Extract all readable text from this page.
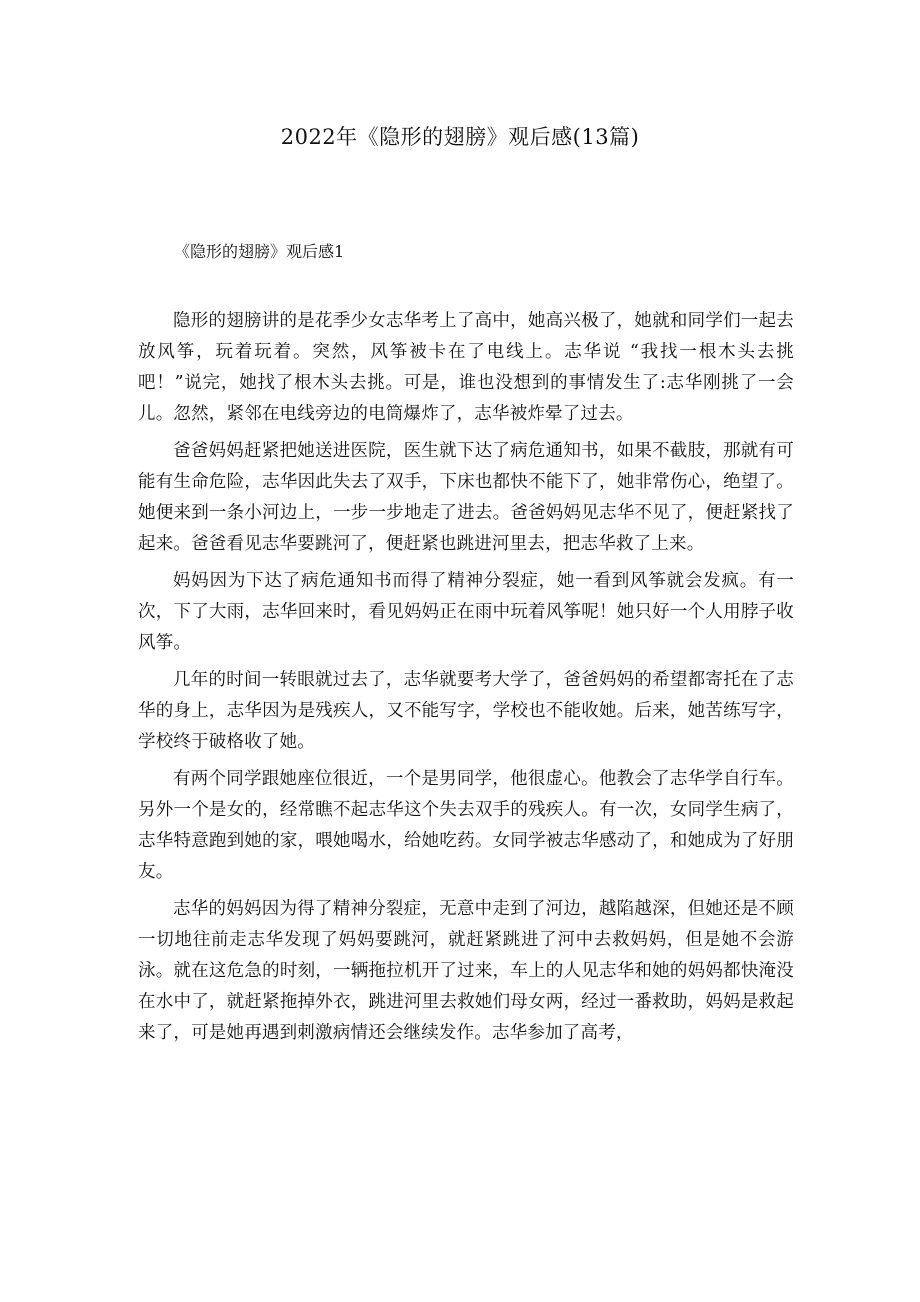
2022年《隐形的翅膀》观后感(13篇)
《隐形的翅膀》观后感1

隐形的翅膀讲的是花季少女志华考上了高中，她高兴极了，她就和同学们一起去放风筝，玩着玩着。突然，风筝被卡在了电线上。志华说 “我找一根木头去挑吧！”说完，她找了根木头去挑。可是，谁也没想到的事情发生了:志华刚挑了一会儿。忽然，紧邻在电线旁边的电筒爆炸了，志华被炸晕了过去。

爸爸妈妈赶紧把她送进医院，医生就下达了病危通知书，如果不截肢，那就有可能有生命危险，志华因此失去了双手，下床也都快不能下了，她非常伤心，绝望了。她便来到一条小河边上，一步一步地走了进去。爸爸妈妈见志华不见了，便赶紧找了起来。爸爸看见志华要跳河了，便赶紧也跳进河里去，把志华救了上来。

妈妈因为下达了病危通知书而得了精神分裂症，她一看到风筝就会发疯。有一次，下了大雨，志华回来时，看见妈妈正在雨中玩着风筝呢！她只好一个人用脖子收风筝。

几年的时间一转眼就过去了，志华就要考大学了，爸爸妈妈的希望都寄托在了志华的身上，志华因为是残疾人，又不能写字，学校也不能收她。后来，她苦练写字，学校终于破格收了她。

有两个同学跟她座位很近，一个是男同学，他很虚心。他教会了志华学自行车。另外一个是女的，经常瞧不起志华这个失去双手的残疾人。有一次，女同学生病了，志华特意跑到她的家，喂她喝水，给她吃药。女同学被志华感动了，和她成为了好朋友。

志华的妈妈因为得了精神分裂症，无意中走到了河边，越陷越深，但她还是不顾一切地往前走志华发现了妈妈要跳河，就赶紧跳进了河中去救妈妈，但是她不会游泳。就在这危急的时刻，一辆拖拉机开了过来，车上的人见志华和她的妈妈都快淹没在水中了，就赶紧拖掉外衣，跳进河里去救她们母女两，经过一番救助，妈妈是救起来了，可是她再遇到刺激病情还会继续发作。志华参加了高考，
